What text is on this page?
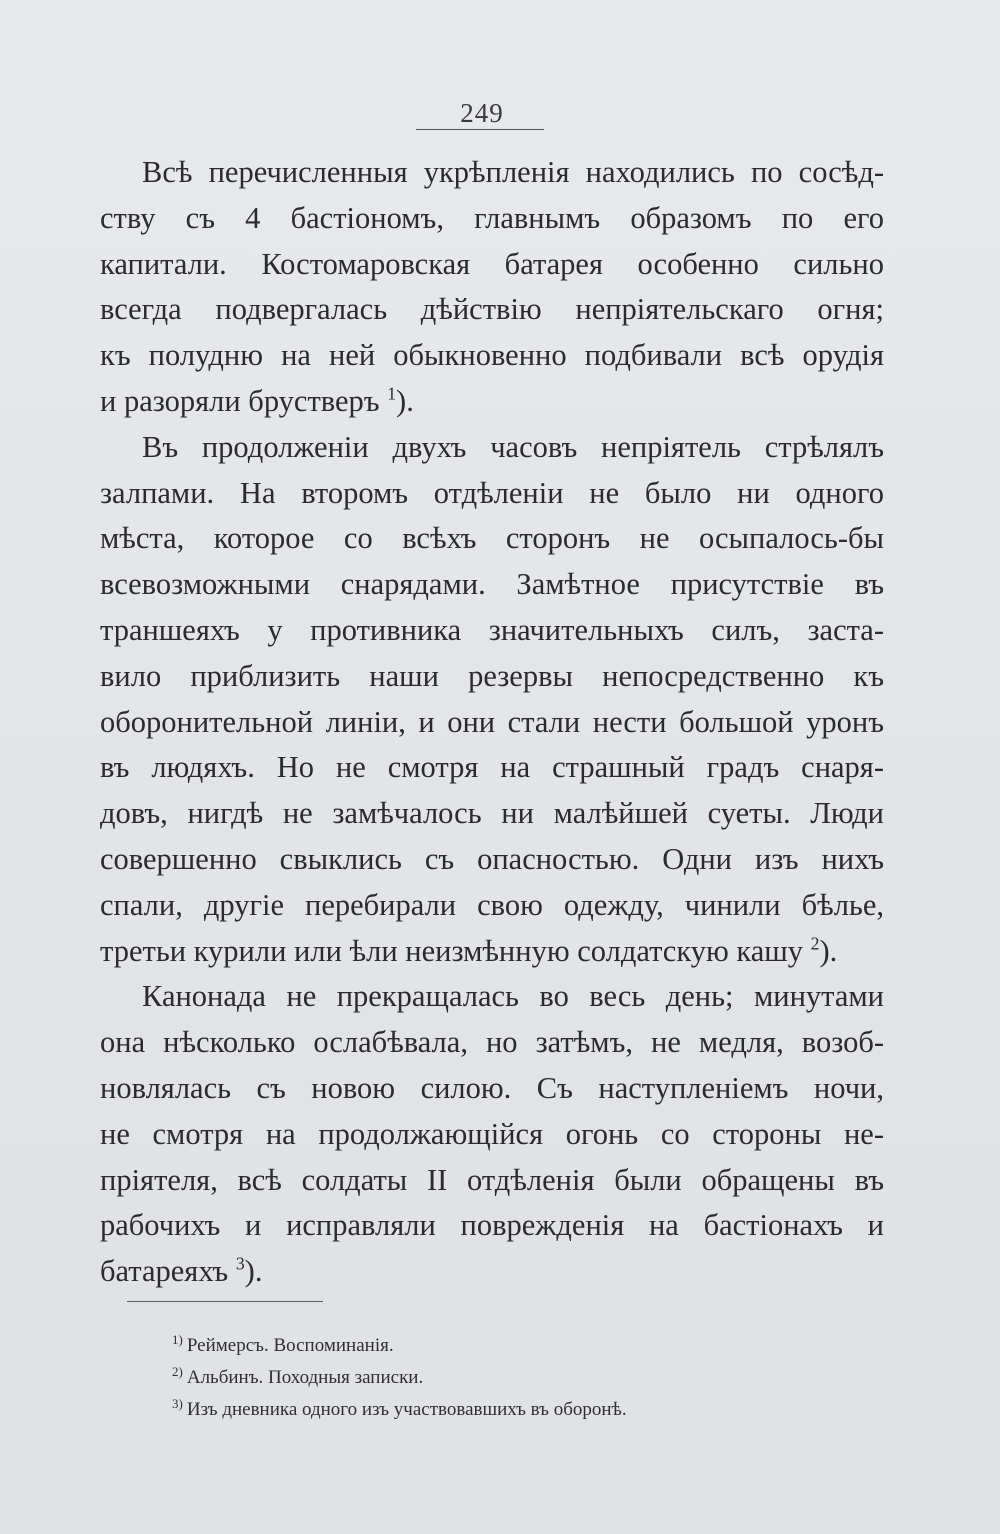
249
Всѣ перечисленныя укрѣпленія находились по сосѣд-
ству съ 4 бастіономъ, главнымъ образомъ по его
капитали. Костомаровская батарея особенно сильно
всегда подвергалась дѣйствію непріятельскаго огня;
къ полудню на ней обыкновенно подбивали всѣ орудія
и разоряли брустверъ $^1$).
Въ продолженіи двухъ часовъ непріятель стрѣлялъ
залпами. На второмъ отдѣленіи не было ни одного
мѣста, которое со всѣхъ сторонъ не осыпалось-бы
всевозможными снарядами. Замѣтное присутствіе въ
траншеяхъ у противника значительныхъ силъ, заста-
вило приблизить наши резервы непосредственно къ
оборонительной линіи, и они стали нести большой уронъ
въ людяхъ. Но не смотря на страшный градъ снаря-
довъ, нигдѣ не замѣчалось ни малѣйшей суеты. Люди
совершенно свыклись съ опасностью. Одни изъ нихъ
спали, другіе перебирали свою одежду, чинили бѣлье,
третьи курили или ѣли неизмѣнную солдатскую кашу $^2$).
Канонада не прекращалась во весь день; минутами
она нѣсколько ослабѣвала, но затѣмъ, не медля, возоб-
новлялась съ новою силою. Съ наступленіемъ ночи,
не смотря на продолжающійся огонь со стороны не-
пріятеля, всѣ солдаты II отдѣленія были обращены въ
рабочихъ и исправляли поврежденія на бастіонахъ и
батареяхъ $^3$).
$^{1)}$ Реймерсъ. Воспоминанія.
$^{2)}$ Альбинъ. Походныя записки.
$^{3)}$ Изъ дневника одного изъ участвовавшихъ въ оборонѣ.
